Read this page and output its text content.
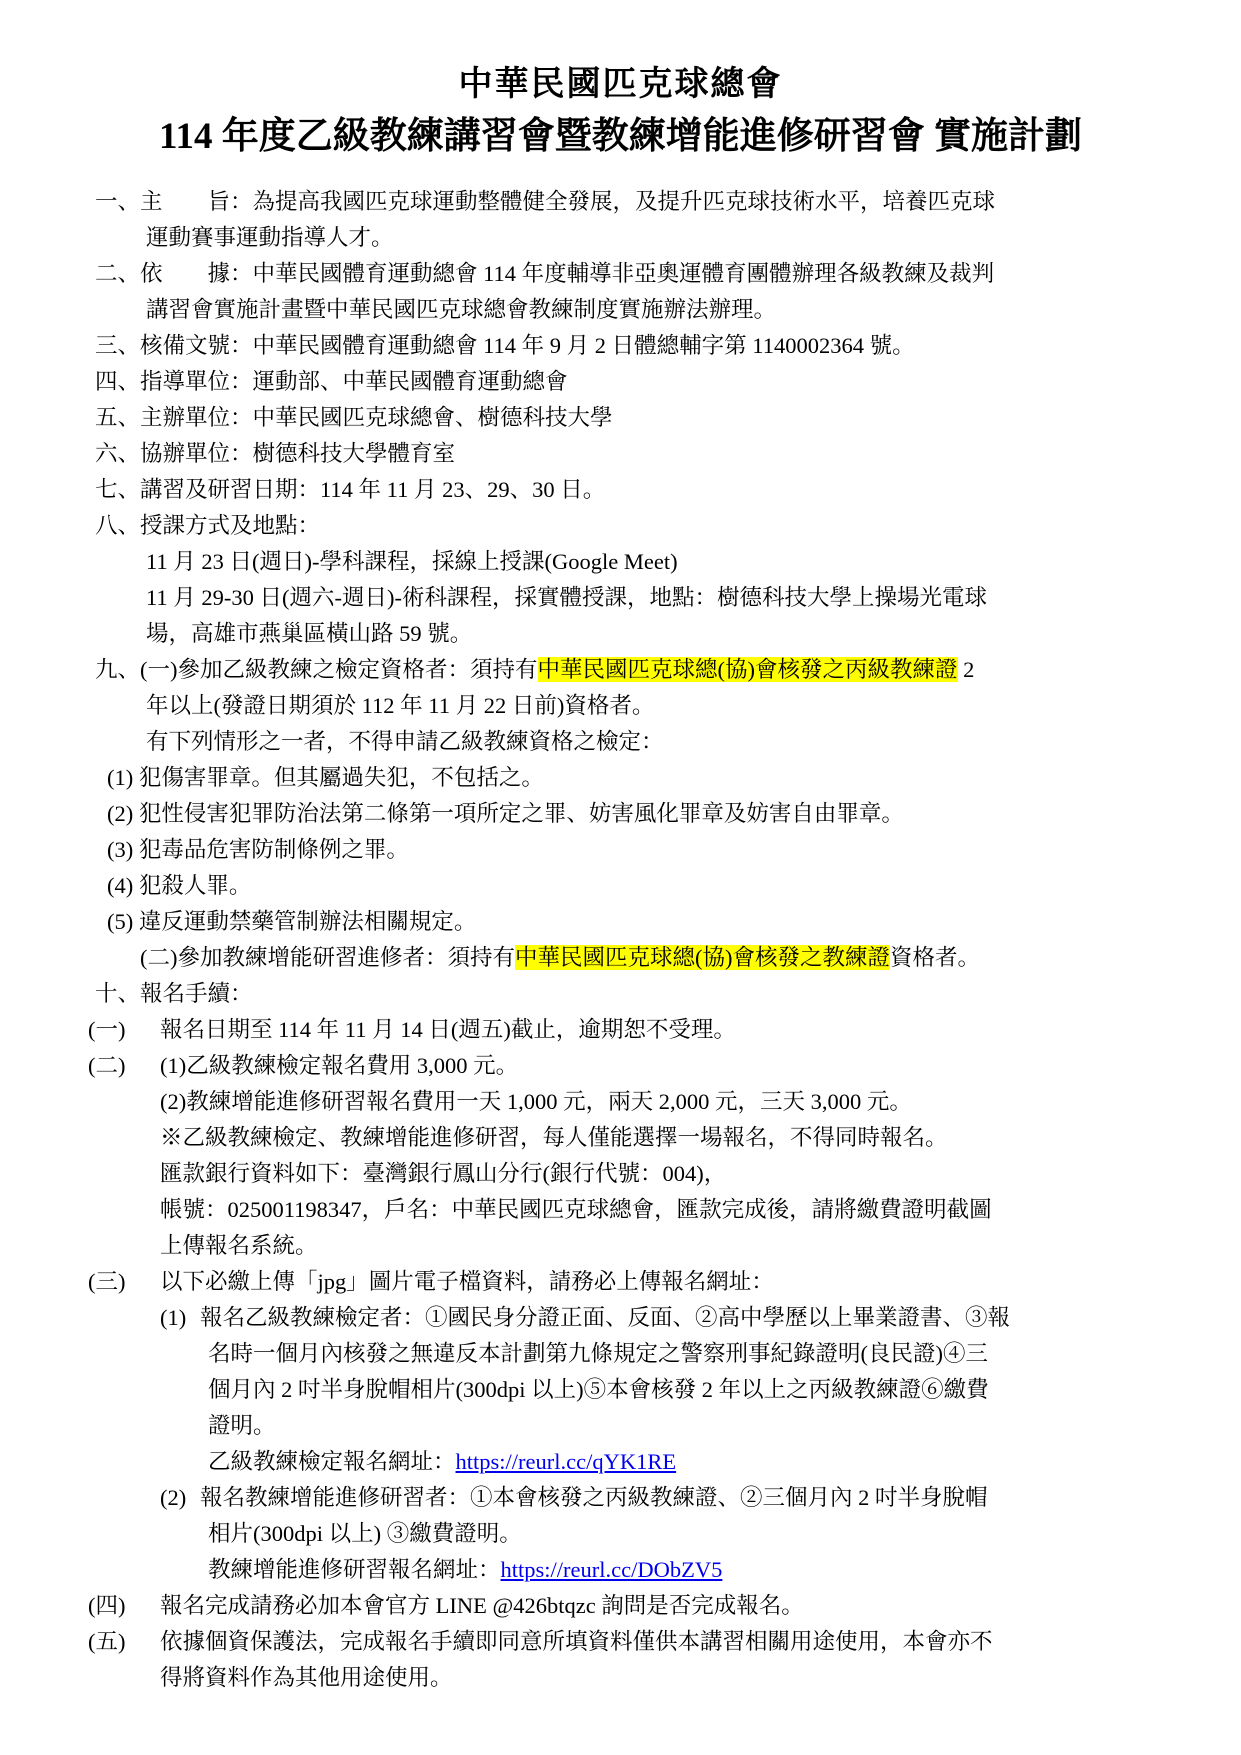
中華民國匹克球總會
114 年度乙級教練講習會暨教練增能進修研習會 實施計劃
一、主　　旨：為提高我國匹克球運動整體健全發展，及提升匹克球技術水平，培養匹克球
運動賽事運動指導人才。
二、依　　據：中華民國體育運動總會 114 年度輔導非亞奧運體育團體辦理各級教練及裁判
講習會實施計畫暨中華民國匹克球總會教練制度實施辦法辦理。
三、核備文號：中華民國體育運動總會 114 年 9 月 2 日體總輔字第 1140002364 號。
四、指導單位：運動部、中華民國體育運動總會
五、主辦單位：中華民國匹克球總會、樹德科技大學
六、協辦單位：樹德科技大學體育室
七、講習及研習日期：114 年 11 月 23、29、30 日。
八、授課方式及地點：
11 月 23 日(週日)-學科課程，採線上授課(Google Meet)
11 月 29-30 日(週六-週日)-術科課程，採實體授課，地點：樹德科技大學上操場光電球
場，高雄市燕巢區橫山路 59 號。
九、(一)參加乙級教練之檢定資格者：須持有中華民國匹克球總(協)會核發之丙級教練證 2
年以上(發證日期須於 112 年 11 月 22 日前)資格者。
有下列情形之一者，不得申請乙級教練資格之檢定：
(1) 犯傷害罪章。但其屬過失犯，不包括之。
(2) 犯性侵害犯罪防治法第二條第一項所定之罪、妨害風化罪章及妨害自由罪章。
(3) 犯毒品危害防制條例之罪。
(4) 犯殺人罪。
(5) 違反運動禁藥管制辦法相關規定。
(二)參加教練增能研習進修者：須持有中華民國匹克球總(協)會核發之教練證資格者。
十、報名手續：
(一) 報名日期至 114 年 11 月 14 日(週五)截止，逾期恕不受理。
(二) (1)乙級教練檢定報名費用 3,000 元。
(2)教練增能進修研習報名費用一天 1,000 元，兩天 2,000 元，三天 3,000 元。
※乙級教練檢定、教練增能進修研習，每人僅能選擇一場報名，不得同時報名。
匯款銀行資料如下：臺灣銀行鳳山分行(銀行代號：004)，
帳號：025001198347，戶名：中華民國匹克球總會，匯款完成後，請將繳費證明截圖
上傳報名系統。
(三) 以下必繳上傳「jpg」圖片電子檔資料，請務必上傳報名網址：
(1) 報名乙級教練檢定者：①國民身分證正面、反面、②高中學歷以上畢業證書、③報
名時一個月內核發之無違反本計劃第九條規定之警察刑事紀錄證明(良民證)④三
個月內 2 吋半身脫帽相片(300dpi 以上)⑤本會核發 2 年以上之丙級教練證⑥繳費
證明。
乙級教練檢定報名網址：https://reurl.cc/qYK1RE
(2) 報名教練增能進修研習者：①本會核發之丙級教練證、②三個月內 2 吋半身脫帽
相片(300dpi 以上) ③繳費證明。
教練增能進修研習報名網址：https://reurl.cc/DObZV5
(四) 報名完成請務必加本會官方 LINE @426btqzc 詢問是否完成報名。
(五) 依據個資保護法，完成報名手續即同意所填資料僅供本講習相關用途使用，本會亦不
得將資料作為其他用途使用。
